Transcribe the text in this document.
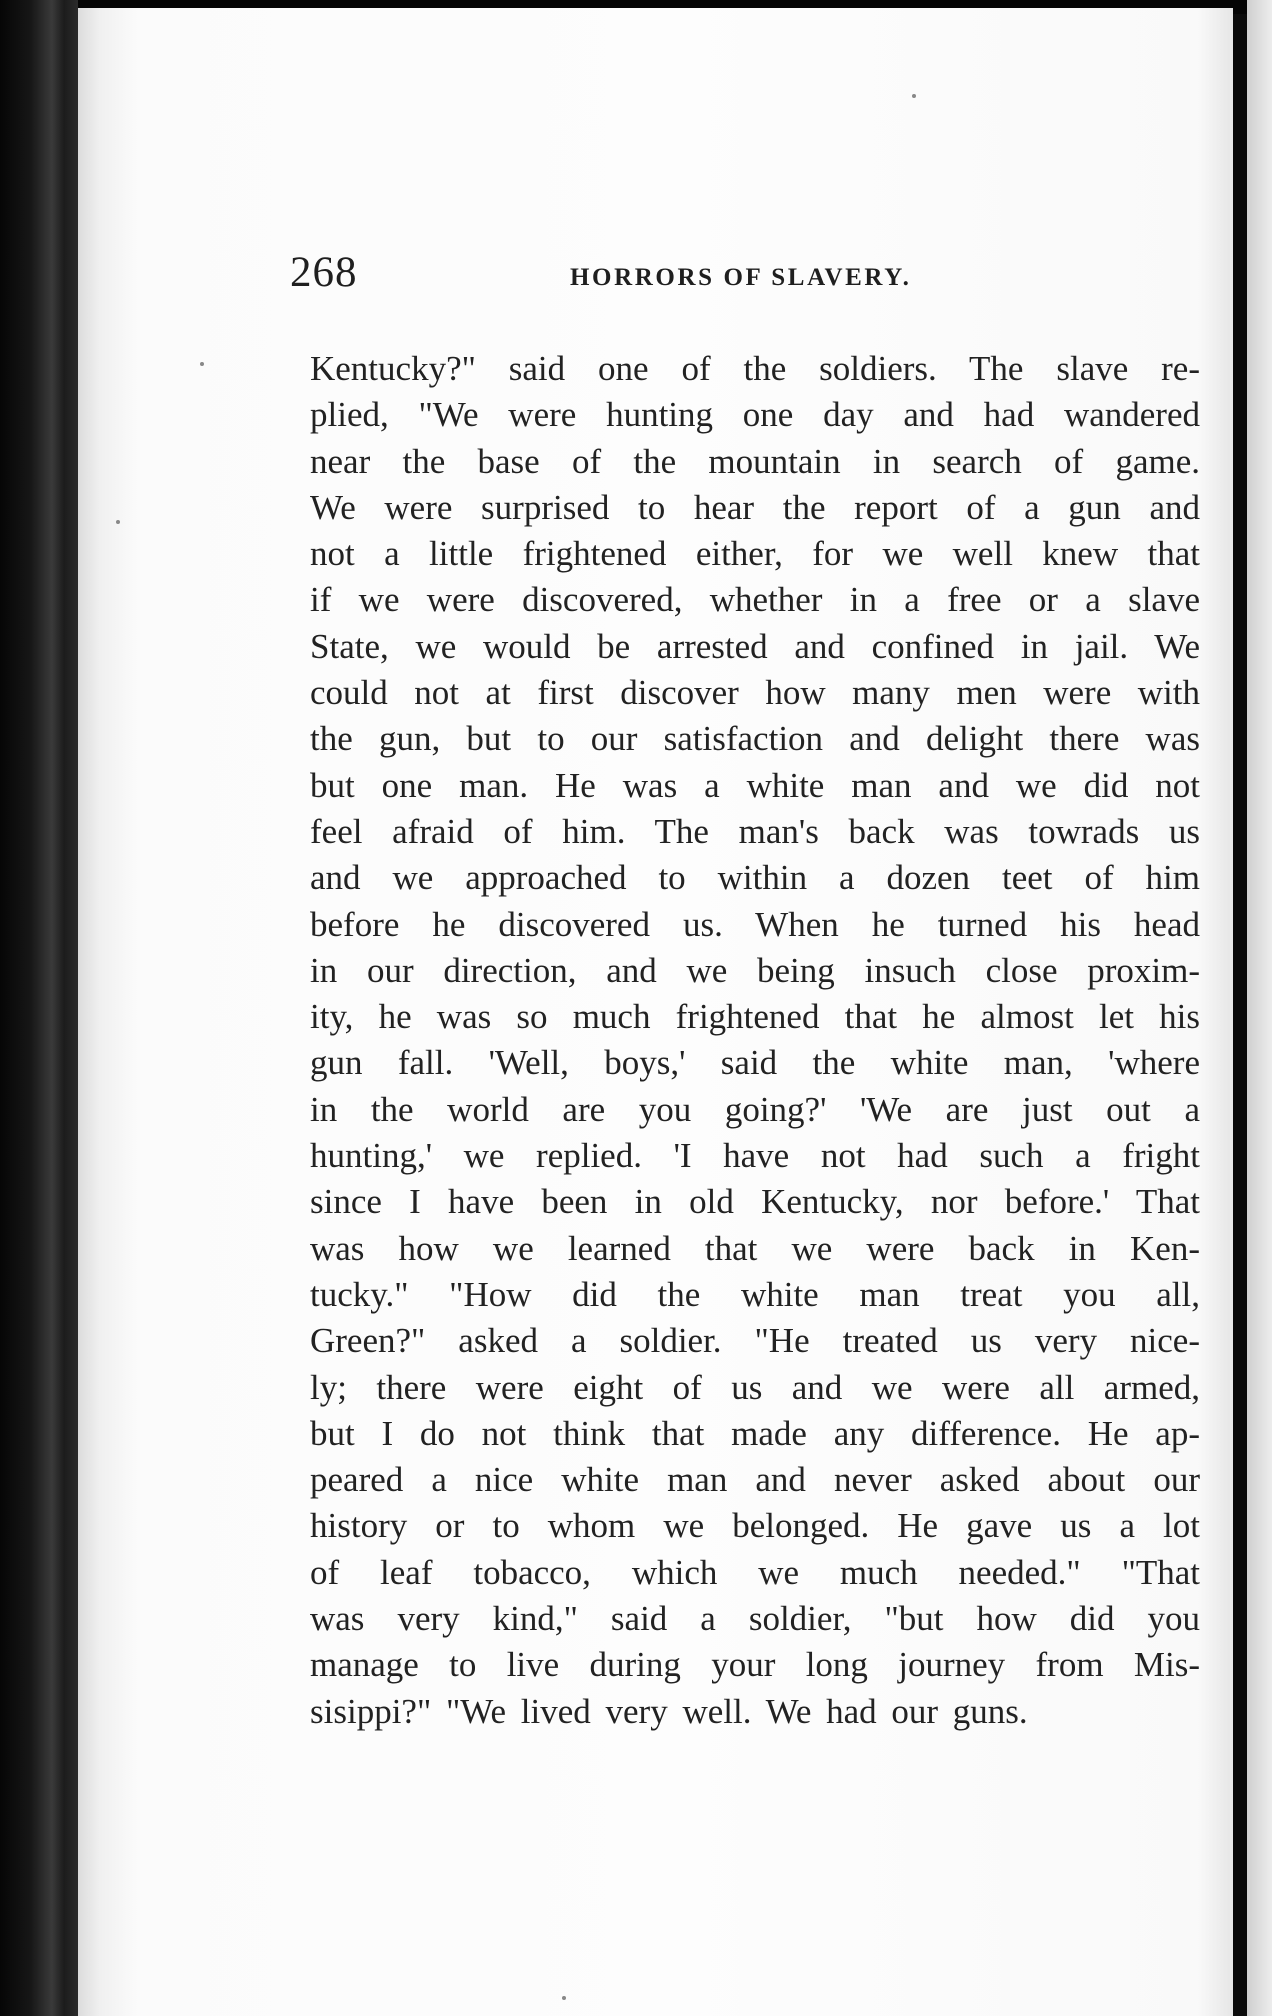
268	HORRORS OF SLAVERY.
Kentucky?" said one of the soldiers. The slave re-
plied, "We were hunting one day and had wandered
near the base of the mountain in search of game.
We were surprised to hear the report of a gun and
not a little frightened either, for we well knew that
if we were discovered, whether in a free or a slave
State, we would be arrested and confined in jail. We
could not at first discover how many men were with
the gun, but to our satisfaction and delight there was
but one man. He was a white man and we did not
feel afraid of him. The man's back was towrads us
and we approached to within a dozen teet of him
before he discovered us. When he turned his head
in our direction, and we being insuch close proxim-
ity, he was so much frightened that he almost let his
gun fall. 'Well, boys,' said the white man, 'where
in the world are you going?' 'We are just out a
hunting,' we replied. 'I have not had such a fright
since I have been in old Kentucky, nor before.' That
was how we learned that we were back in Ken-
tucky." "How did the white man treat you all,
Green?" asked a soldier. "He treated us very nice-
ly; there were eight of us and we were all armed,
but I do not think that made any difference. He ap-
peared a nice white man and never asked about our
history or to whom we belonged. He gave us a lot
of leaf tobacco, which we much needed." "That
was very kind," said a soldier, "but how did you
manage to live during your long journey from Mis-
sisippi?" "We lived very well. We had our guns.
